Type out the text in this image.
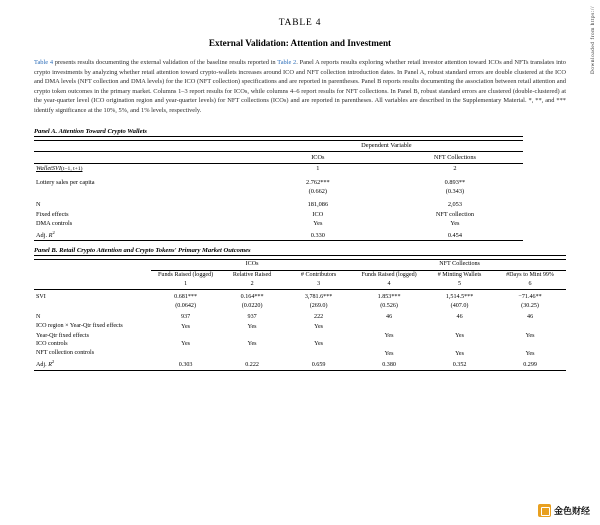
Downloaded from https://
TABLE 4
External Validation: Attention and Investment

Table 4 presents results documenting the external validation of the baseline results reported in Table 2. Panel A reports results exploring whether retail investor attention toward ICOs and NFTs translates into crypto investments by analyzing whether retail attention toward crypto-wallets increases around ICO and NFT collection introduction dates. In Panel A, robust standard errors are double clustered at the ICO and DMA levels (NFT collection and DMA levels) for the ICO (NFT collection) specifications and are reported in parentheses. Panel B reports results documenting the association between retail attention and crypto token outcomes in the primary market. Columns 1–3 report results for ICOs, while columns 4–6 report results for NFT collections. In Panel B, robust standard errors are clustered (double-clustered) at the year-quarter level (ICO origination region and year-quarter levels) for NFT collections (ICOs) and are reported in parentheses. All variables are described in the Supplementary Material. *, **, and *** identify significance at the 10%, 5%, and 1% levels, respectively.

Panel A. Attention Toward Crypto Wallets
	Dependent Variable	

	ICOs	NFT Collections

WalletSVI(t−1, t+1)	1	2

Lottery sales per capita	2.762***	0.893**
	(0.662)	(0.343)

N	181,086	2,053
Fixed effects	ICO	NFT collection
DMA controls	Yes	Yes
Adj. $R^2$	0.330	0.454
Panel B. Retail Crypto Attention and Crypto Tokens' Primary Market Outcomes
	ICOs			NFT Collections		

	Funds Raised (logged)	Relative Raised	# Contributors	Funds Raised (logged)	# Minting Wallets	#Days to Mint 99%
	1	2	3	4	5	6

SVI	0.681***	0.164***	3,781.6***	1.853***	1,514.5***	−71.46**
	(0.0642)	(0.0220)	(269.0)	(0.526)	(407.0)	(30.25)

N	937	937	222	46	46	46
ICO region × Year-Qtr fixed effects	Yes	Yes	Yes			
Year-Qtr fixed effects				Yes	Yes	Yes
ICO controls	Yes	Yes	Yes			
NFT collection controls				Yes	Yes	Yes
Adj. $R^2$	0.303	0.222	0.659	0.380	0.352	0.299
金色财经
